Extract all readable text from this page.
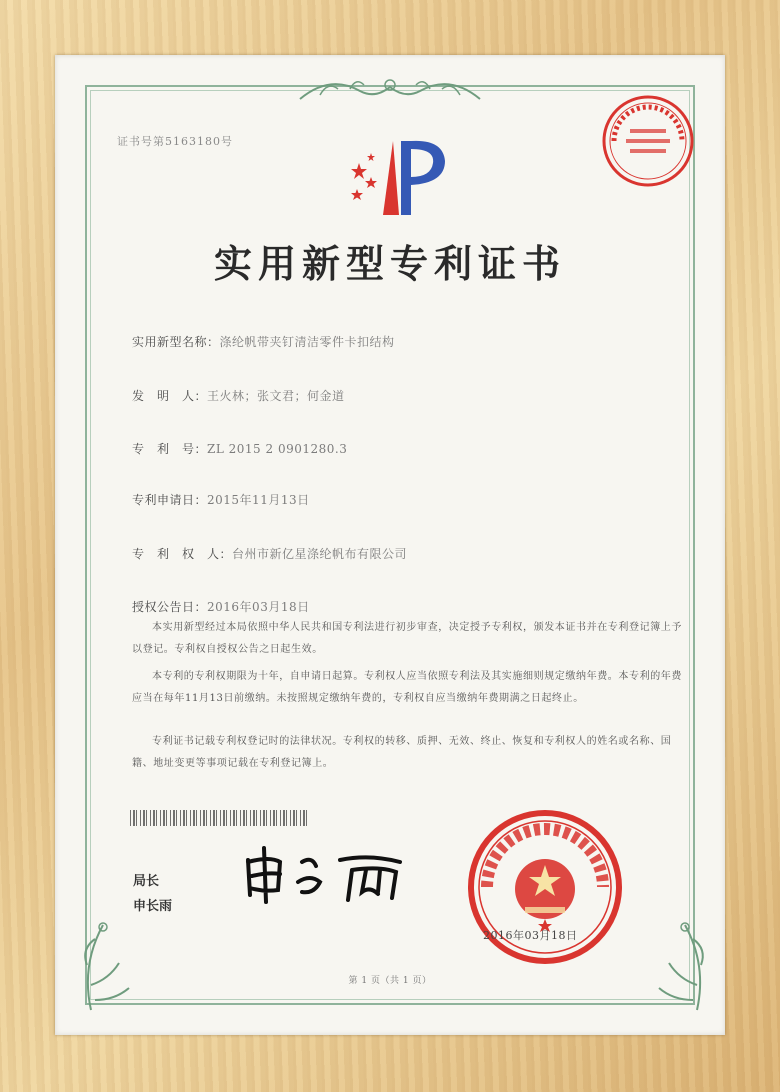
证书号第5163180号
实用新型专利证书
实用新型名称：涤纶帆带夹钉清洁零件卡扣结构
发　明　人：王火林；张文君；何金道
专　利　号：ZL 2015 2 0901280.3
专利申请日：2015年11月13日
专　利　权　人：台州市新亿星涤纶帆布有限公司
授权公告日：2016年03月18日

本实用新型经过本局依照中华人民共和国专利法进行初步审查，决定授予专利权，颁发本证书并在专利登记簿上予以登记。专利权自授权公告之日起生效。

本专利的专利权期限为十年，自申请日起算。专利权人应当依照专利法及其实施细则规定缴纳年费。本专利的年费应当在每年11月13日前缴纳。未按照规定缴纳年费的，专利权自应当缴纳年费期满之日起终止。

专利证书记载专利权登记时的法律状况。专利权的转移、质押、无效、终止、恢复和专利权人的姓名或名称、国籍、地址变更等事项记载在专利登记簿上。

局长
申长雨
2016年03月18日
第 1 页（共 1 页）
